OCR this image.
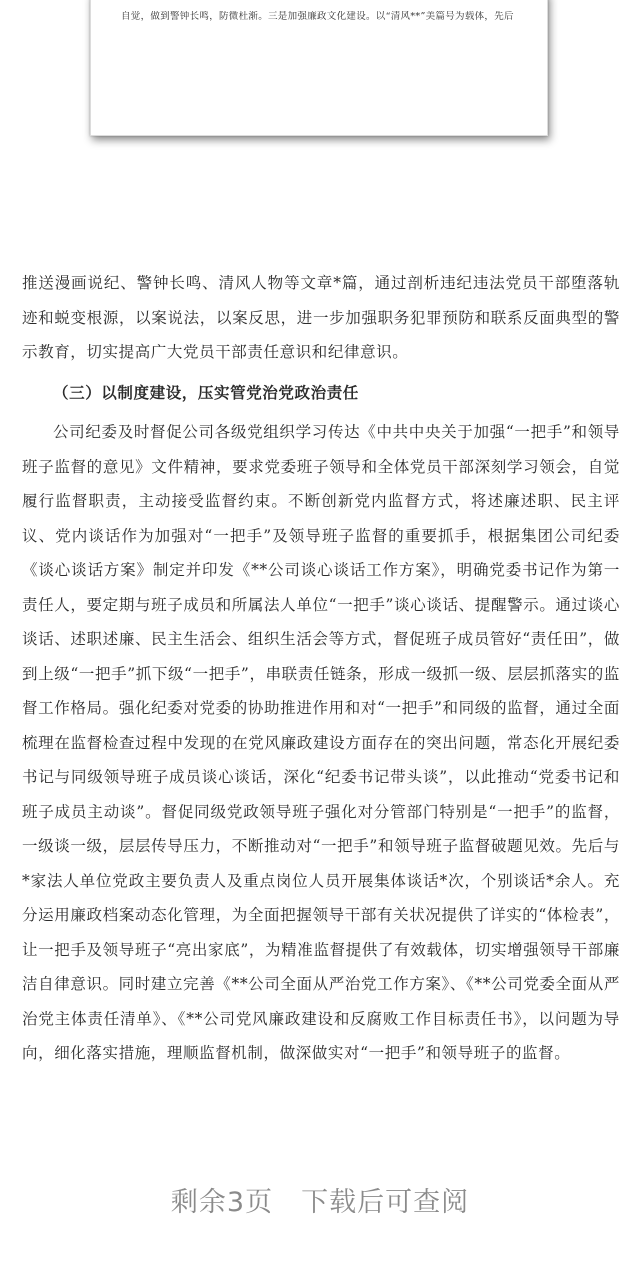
自觉，做到警钟长鸣，防微杜渐。三是加强廉政文化建设。以“清风**”美篇号为载体，先后

推送漫画说纪、警钟长鸣、清风人物等文章*篇，通过剖析违纪违法党员干部堕落轨迹和蜕变根源，以案说法，以案反思，进一步加强职务犯罪预防和联系反面典型的警示教育，切实提高广大党员干部责任意识和纪律意识。

（三）以制度建设，压实管党治党政治责任

公司纪委及时督促公司各级党组织学习传达《中共中央关于加强“一把手”和领导班子监督的意见》文件精神，要求党委班子领导和全体党员干部深刻学习领会，自觉履行监督职责，主动接受监督约束。不断创新党内监督方式，将述廉述职、民主评议、党内谈话作为加强对“一把手”及领导班子监督的重要抓手，根据集团公司纪委《谈心谈话方案》制定并印发《**公司谈心谈话工作方案》，明确党委书记作为第一责任人，要定期与班子成员和所属法人单位“一把手”谈心谈话、提醒警示。通过谈心谈话、述职述廉、民主生活会、组织生活会等方式，督促班子成员管好“责任田”，做到上级“一把手”抓下级“一把手”，串联责任链条，形成一级抓一级、层层抓落实的监督工作格局。强化纪委对党委的协助推进作用和对“一把手”和同级的监督，通过全面梳理在监督检查过程中发现的在党风廉政建设方面存在的突出问题，常态化开展纪委书记与同级领导班子成员谈心谈话，深化“纪委书记带头谈”，以此推动“党委书记和班子成员主动谈”。督促同级党政领导班子强化对分管部门特别是“一把手”的监督，一级谈一级，层层传导压力，不断推动对“一把手”和领导班子监督破题见效。先后与*家法人单位党政主要负责人及重点岗位人员开展集体谈话*次，个别谈话*余人。充分运用廉政档案动态化管理，为全面把握领导干部有关状况提供了详实的“体检表”，让一把手及领导班子“亮出家底”，为精准监督提供了有效载体，切实增强领导干部廉洁自律意识。同时建立完善《**公司全面从严治党工作方案》、《**公司党委全面从严治党主体责任清单》、《**公司党风廉政建设和反腐败工作目标责任书》，以问题为导向，细化落实措施，理顺监督机制，做深做实对“一把手”和领导班子的监督。

剩余3页 下载后可查阅
